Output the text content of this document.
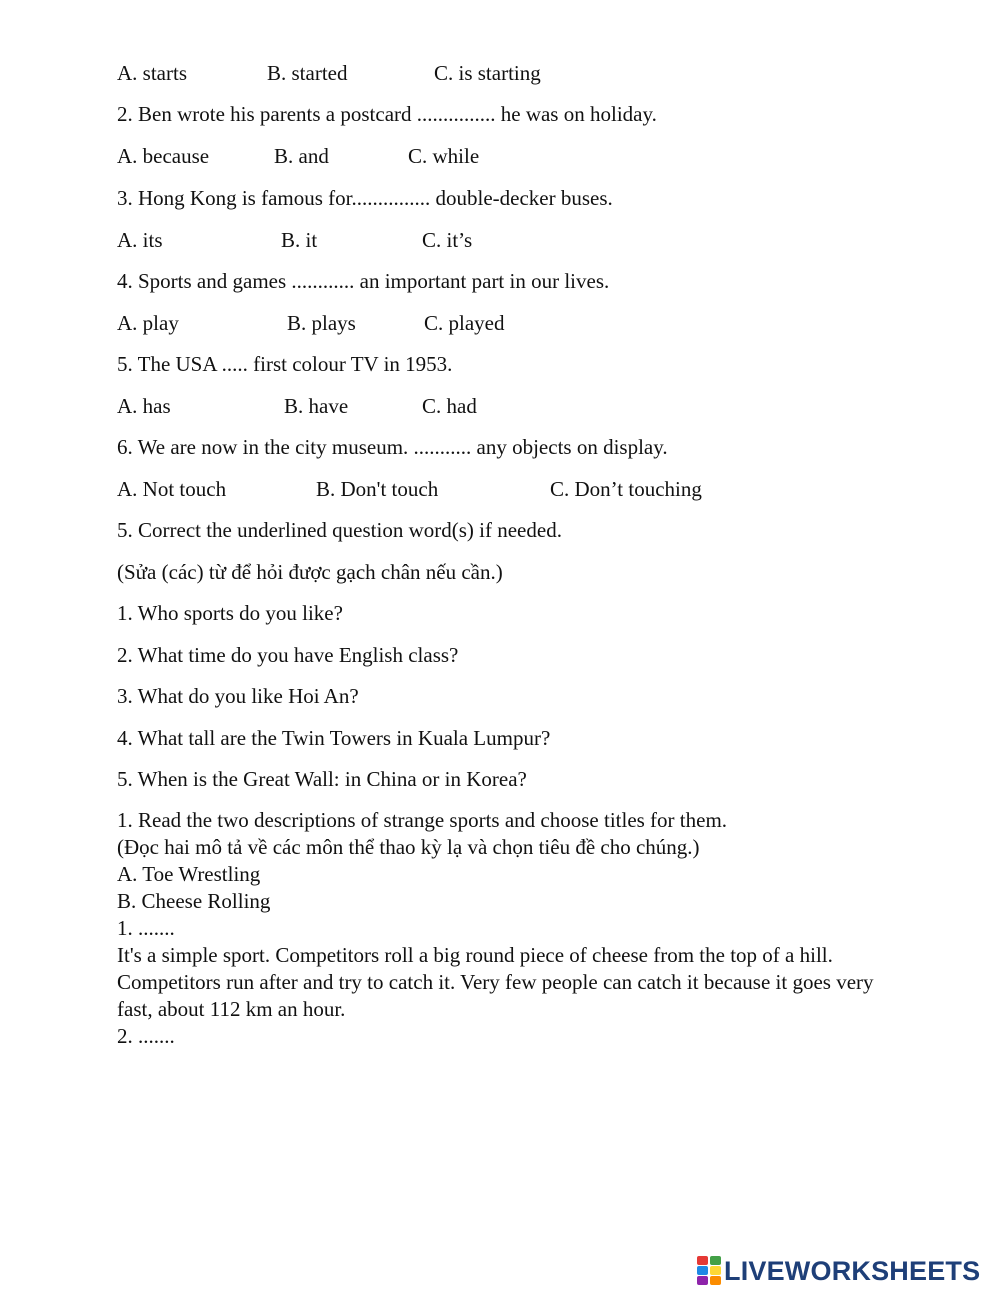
A. starts	B. started	C. is starting
2. Ben wrote his parents a postcard ............... he was on holiday.
A. because	B. and	C. while
3. Hong Kong is famous for............... double-decker buses.
A. its	B. it	C. it’s
4. Sports and games ............ an important part in our lives.
A. play	B. plays	C. played
5. The USA ..... first colour TV in 1953.
A. has	B. have	C. had
6. We are now in the city museum. ........... any objects on display.
A. Not touch	B. Don't touch	C. Don’t touching
5. Correct the underlined question word(s) if needed.
(Sửa (các) từ để hỏi được gạch chân nếu cần.)
1. Who sports do you like?
2. What time do you have English class?
3. What do you like Hoi An?
4. What tall are the Twin Towers in Kuala Lumpur?
5. When is the Great Wall: in China or in Korea?
1. Read the two descriptions of strange sports and choose titles for them.
(Đọc hai mô tả về các môn thể thao kỳ lạ và chọn tiêu đề cho chúng.)
A. Toe Wrestling
B. Cheese Rolling
1. .......
It's a simple sport. Competitors roll a big round piece of cheese from the top of a hill. Competitors run after and try to catch it. Very few people can catch it because it goes very fast, about 112 km an hour.
2. .......
LIVEWORKSHEETS
